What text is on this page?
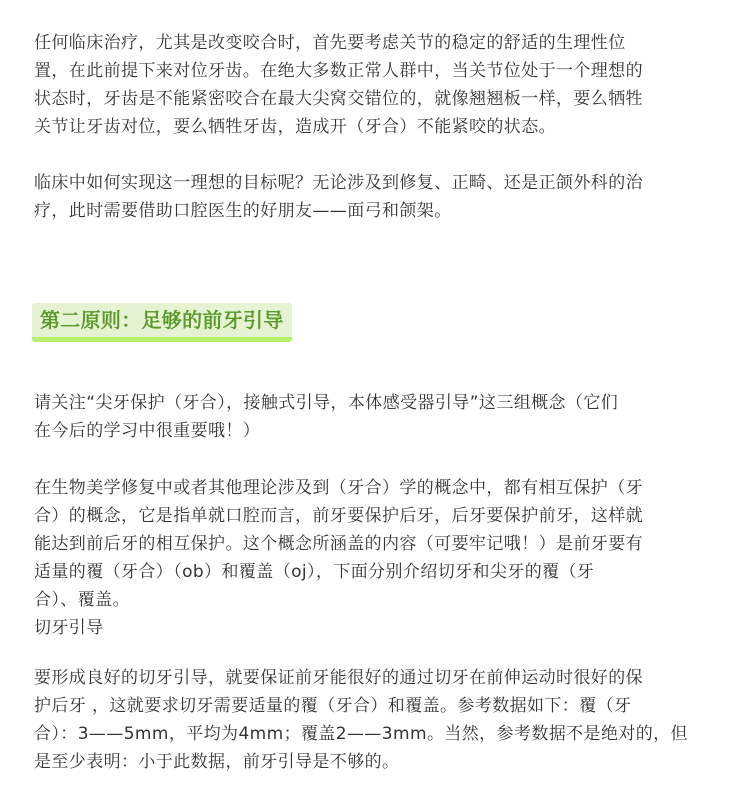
任何临床治疗，尤其是改变咬合时，首先要考虑关节的稳定的舒适的生理性位
置，在此前提下来对位牙齿。在绝大多数正常人群中，当关节位处于一个理想的
状态时，牙齿是不能紧密咬合在最大尖窝交错位的，就像翘翘板一样，要么牺牲
关节让牙齿对位，要么牺牲牙齿，造成开（牙合）不能紧咬的状态。
临床中如何实现这一理想的目标呢？无论涉及到修复、正畸、还是正颌外科的治
疗，此时需要借助口腔医生的好朋友——面弓和颌架。
第二原则：足够的前牙引导
请关注“尖牙保护（牙合），接触式引导，本体感受器引导”这三组概念（它们
在今后的学习中很重要哦！）
在生物美学修复中或者其他理论涉及到（牙合）学的概念中，都有相互保护（牙
合）的概念，它是指单就口腔而言，前牙要保护后牙，后牙要保护前牙，这样就
能达到前后牙的相互保护。这个概念所涵盖的内容（可要牢记哦！）是前牙要有
适量的覆（牙合）（ob）和覆盖（oj），下面分别介绍切牙和尖牙的覆（牙
合）、覆盖。
切牙引导
要形成良好的切牙引导，就要保证前牙能很好的通过切牙在前伸运动时很好的保
护后牙 ，这就要求切牙需要适量的覆（牙合）和覆盖。参考数据如下：覆（牙
合）：3——5mm，平均为4mm；覆盖2——3mm。当然，参考数据不是绝对的，但
是至少表明：小于此数据，前牙引导是不够的。
